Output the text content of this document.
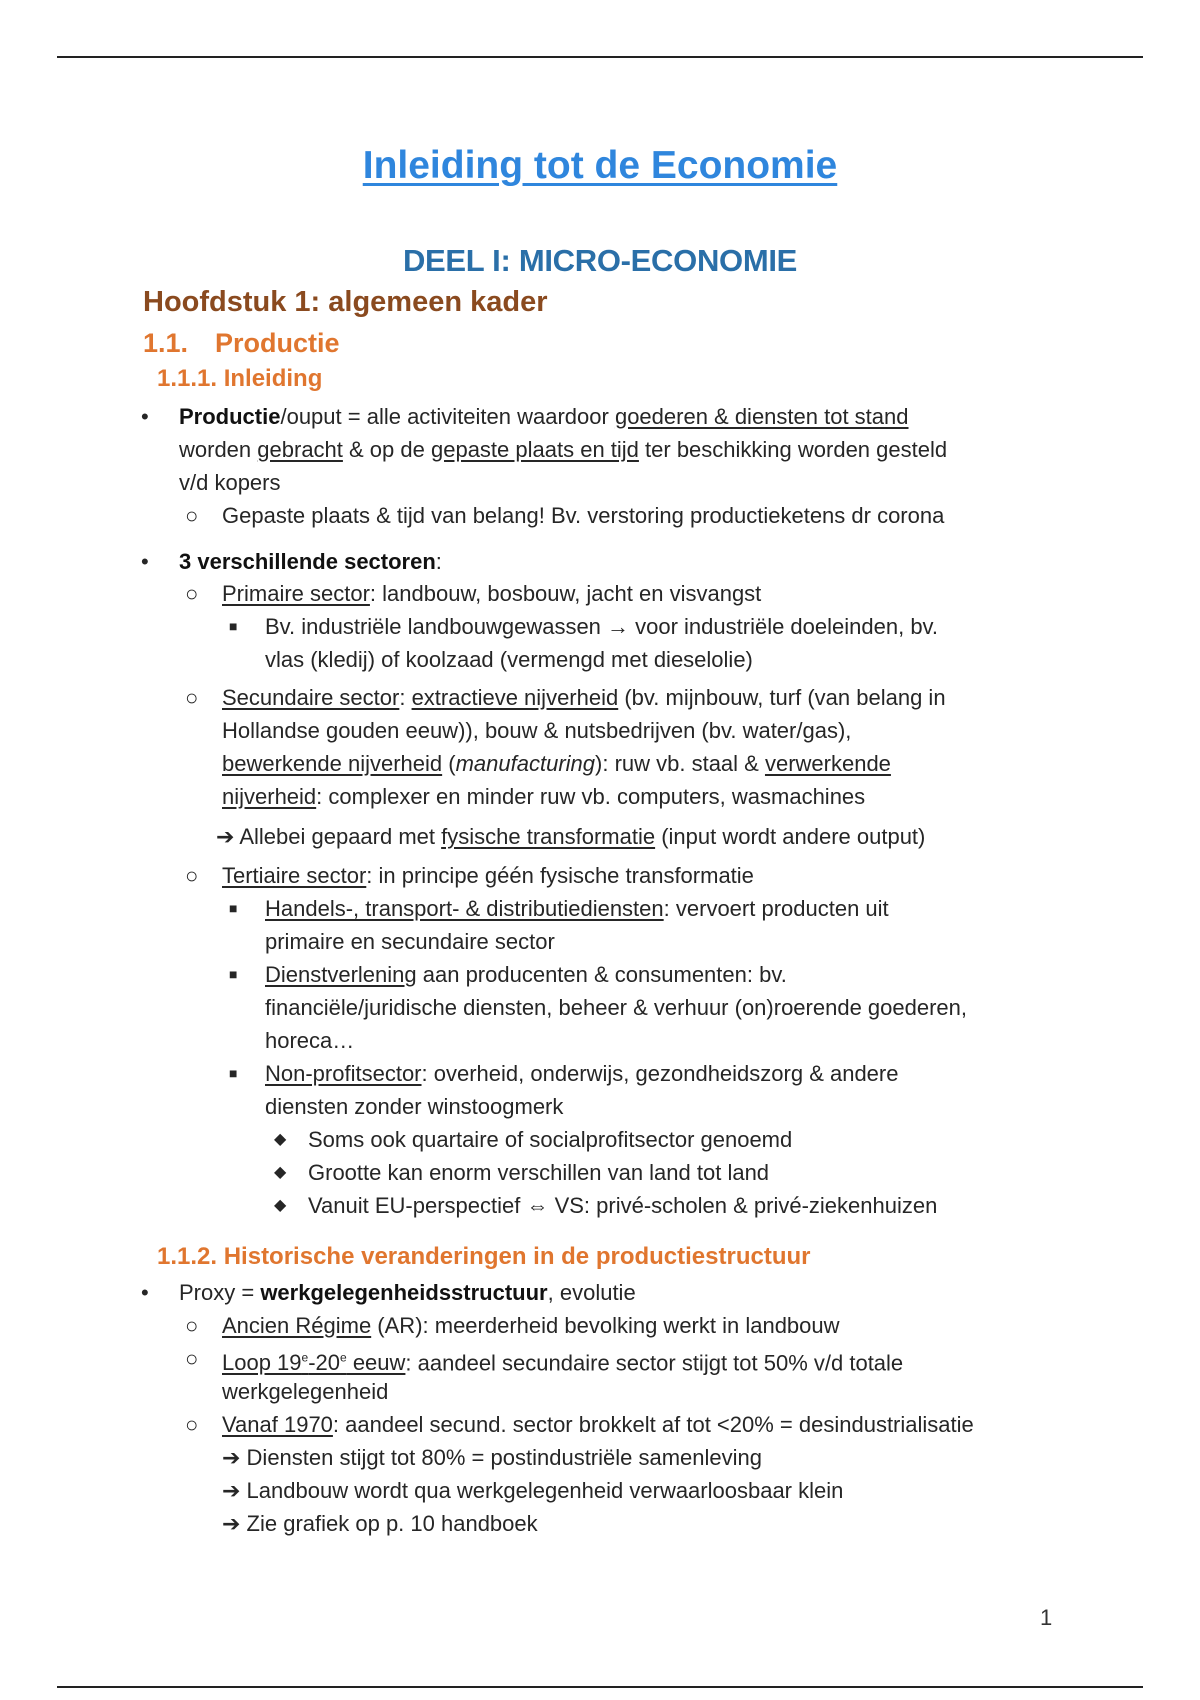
Inleiding tot de Economie
DEEL I: MICRO-ECONOMIE
Hoofdstuk 1: algemeen kader
1.1. Productie
1.1.1. Inleiding
• Productie/ouput = alle activiteiten waardoor goederen & diensten tot stand
worden gebracht & op de gepaste plaats en tijd ter beschikking worden gesteld
v/d kopers
○ Gepaste plaats & tijd van belang! Bv. verstoring productieketens dr corona
• 3 verschillende sectoren:
○ Primaire sector: landbouw, bosbouw, jacht en visvangst
■ Bv. industriële landbouwgewassen → voor industriële doeleinden, bv.
vlas (kledij) of koolzaad (vermengd met dieselolie)
○ Secundaire sector: extractieve nijverheid (bv. mijnbouw, turf (van belang in
Hollandse gouden eeuw)), bouw & nutsbedrijven (bv. water/gas),
bewerkende nijverheid (manufacturing): ruw vb. staal & verwerkende
nijverheid: complexer en minder ruw vb. computers, wasmachines
➔ Allebei gepaard met fysische transformatie (input wordt andere output)
○ Tertiaire sector: in principe géén fysische transformatie
■ Handels-, transport- & distributiediensten: vervoert producten uit
primaire en secundaire sector
■ Dienstverlening aan producenten & consumenten: bv.
financiële/juridische diensten, beheer & verhuur (on)roerende goederen,
horeca…
■ Non-profitsector: overheid, onderwijs, gezondheidszorg & andere
diensten zonder winstoogmerk
◆ Soms ook quartaire of socialprofitsector genoemd
◆ Grootte kan enorm verschillen van land tot land
◆ Vanuit EU-perspectief ⇔ VS: privé-scholen & privé-ziekenhuizen
1.1.2. Historische veranderingen in de productiestructuur
• Proxy = werkgelegenheidsstructuur, evolutie
○ Ancien Régime (AR): meerderheid bevolking werkt in landbouw
○ Loop 19e-20e eeuw: aandeel secundaire sector stijgt tot 50% v/d totale
werkgelegenheid
○ Vanaf 1970: aandeel secund. sector brokkelt af tot <20% = desindustrialisatie
➔ Diensten stijgt tot 80% = postindustriële samenleving
➔ Landbouw wordt qua werkgelegenheid verwaarloosbaar klein
➔ Zie grafiek op p. 10 handboek
1
